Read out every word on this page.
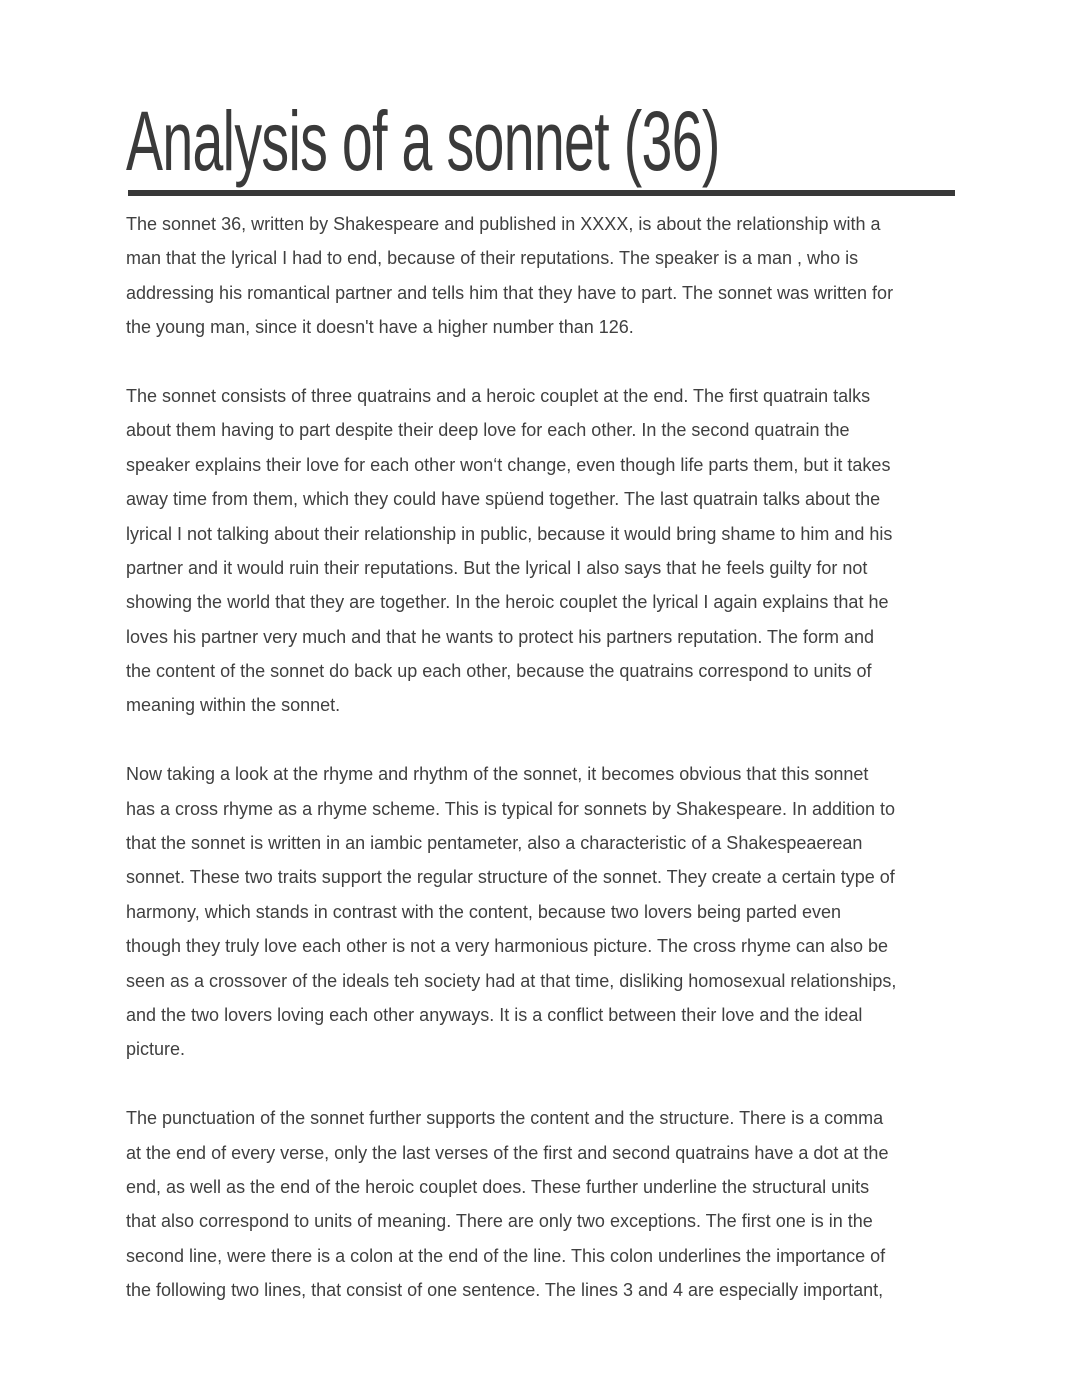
Analysis of a sonnet (36)
The sonnet 36, written by Shakespeare and published in XXXX, is about the relationship with a
man that the lyrical I had to end, because of their reputations. The speaker is a man , who is
addressing his romantical partner and tells him that they have to part. The sonnet was written for
the young man, since it doesn't have a higher number than 126.
The sonnet consists of three quatrains and a heroic couplet at the end. The first quatrain talks
about them having to part despite their deep love for each other. In the second quatrain the
speaker explains their love for each other won‘t change, even though life parts them, but it takes
away time from them, which they could have spüend together. The last quatrain talks about the
lyrical I not talking about their relationship in public, because it would bring shame to him and his
partner and it would ruin their reputations. But the lyrical I also says that he feels guilty for not
showing the world that they are together. In the heroic couplet the lyrical I again explains that he
loves his partner very much and that he wants to protect his partners reputation. The form and
the content of the sonnet do back up each other, because the quatrains correspond to units of
meaning within the sonnet.
Now taking a look at the rhyme and rhythm of the sonnet, it becomes obvious that this sonnet
has a cross rhyme as a rhyme scheme. This is typical for sonnets by Shakespeare. In addition to
that the sonnet is written in an iambic pentameter, also a characteristic of a Shakespeaerean
sonnet. These two traits support the regular structure of the sonnet. They create a certain type of
harmony, which stands in contrast with the content, because two lovers being parted even
though they truly love each other is not a very harmonious picture. The cross rhyme can also be
seen as a crossover of the ideals teh society had at that time, disliking homosexual relationships,
and the two lovers loving each other anyways. It is a conflict between their love and the ideal
picture.
The punctuation of the sonnet further supports the content and the structure. There is a comma
at the end of every verse, only the last verses of the first and second quatrains have a dot at the
end, as well as the end of the heroic couplet does. These further underline the structural units
that also correspond to units of meaning. There are only two exceptions. The first one is in the
second line, were there is a colon at the end of the line. This colon underlines the importance of
the following two lines, that consist of one sentence. The lines 3 and 4 are especially important,
